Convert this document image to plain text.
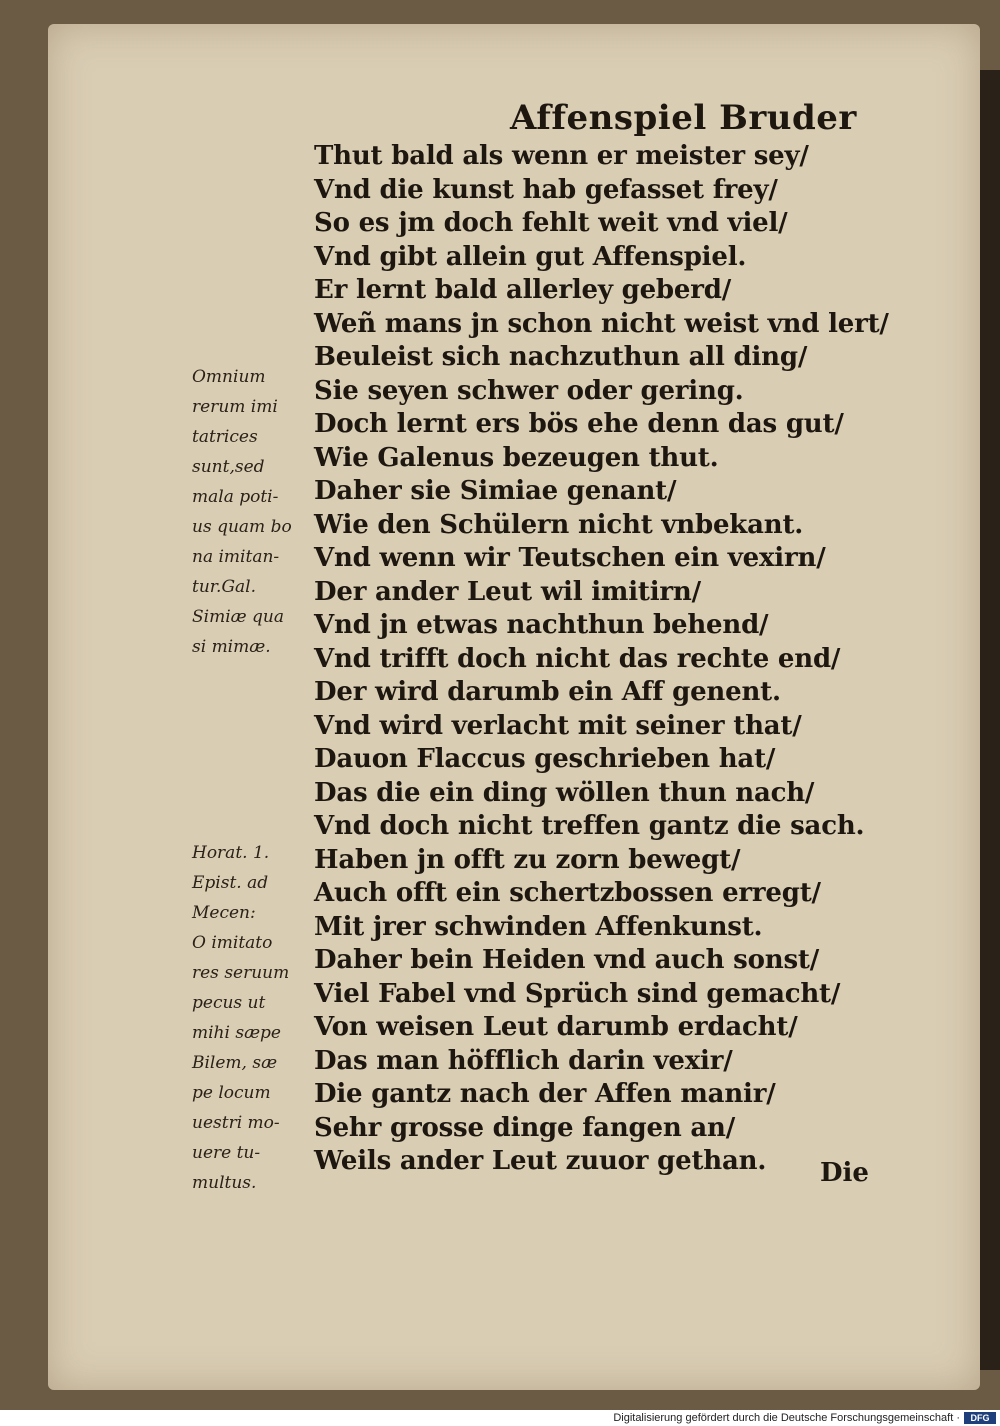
Affenspiel Bruder
Thut bald als wenn er meister sey/
Vnd die kunst hab gefasset frey/
So es jm doch fehlt weit vnd viel/
Vnd gibt allein gut Affenspiel.
Er lernt bald allerley geberd/
Weñ mans jn schon nicht weist vnd lert/
Beuleist sich nachzuthun all ding/
Sie seyen schwer oder gering.
Doch lernt ers bös ehe denn das gut/
Wie Galenus bezeugen thut.
Daher sie Simiae genant/
Wie den Schülern nicht vnbekant.
Vnd wenn wir Teutschen ein vexirn/
Der ander Leut wil imitirn/
Vnd jn etwas nachthun behend/
Vnd trifft doch nicht das rechte end/
Der wird darumb ein Aff genent.
Vnd wird verlacht mit seiner that/
Dauon Flaccus geschrieben hat/
Das die ein ding wöllen thun nach/
Vnd doch nicht treffen gantz die sach.
Haben jn offt zu zorn bewegt/
Auch offt ein schertzbossen erregt/
Mit jrer schwinden Affenkunst.
Daher bein Heiden vnd auch sonst/
Viel Fabel vnd Sprüch sind gemacht/
Von weisen Leut darumb erdacht/
Das man höfflich darin vexir/
Die gantz nach der Affen manir/
Sehr grosse dinge fangen an/
Weils ander Leut zuuor gethan.
Omnium
rerum imi
tatrices
sunt,sed
mala poti-
us quam bo
na imitan-
tur.Gal.
Simiæ qua
si mimæ.
Horat. 1.
Epist. ad
Mecen:
O imitato
res seruum
pecus ut
mihi sæpe
Bilem, sæ
pe locum
uestri mo-
uere tu-
multus.	Die
Digitalisierung gefördert durch die Deutsche Forschungsgemeinschaft ·	DFG
